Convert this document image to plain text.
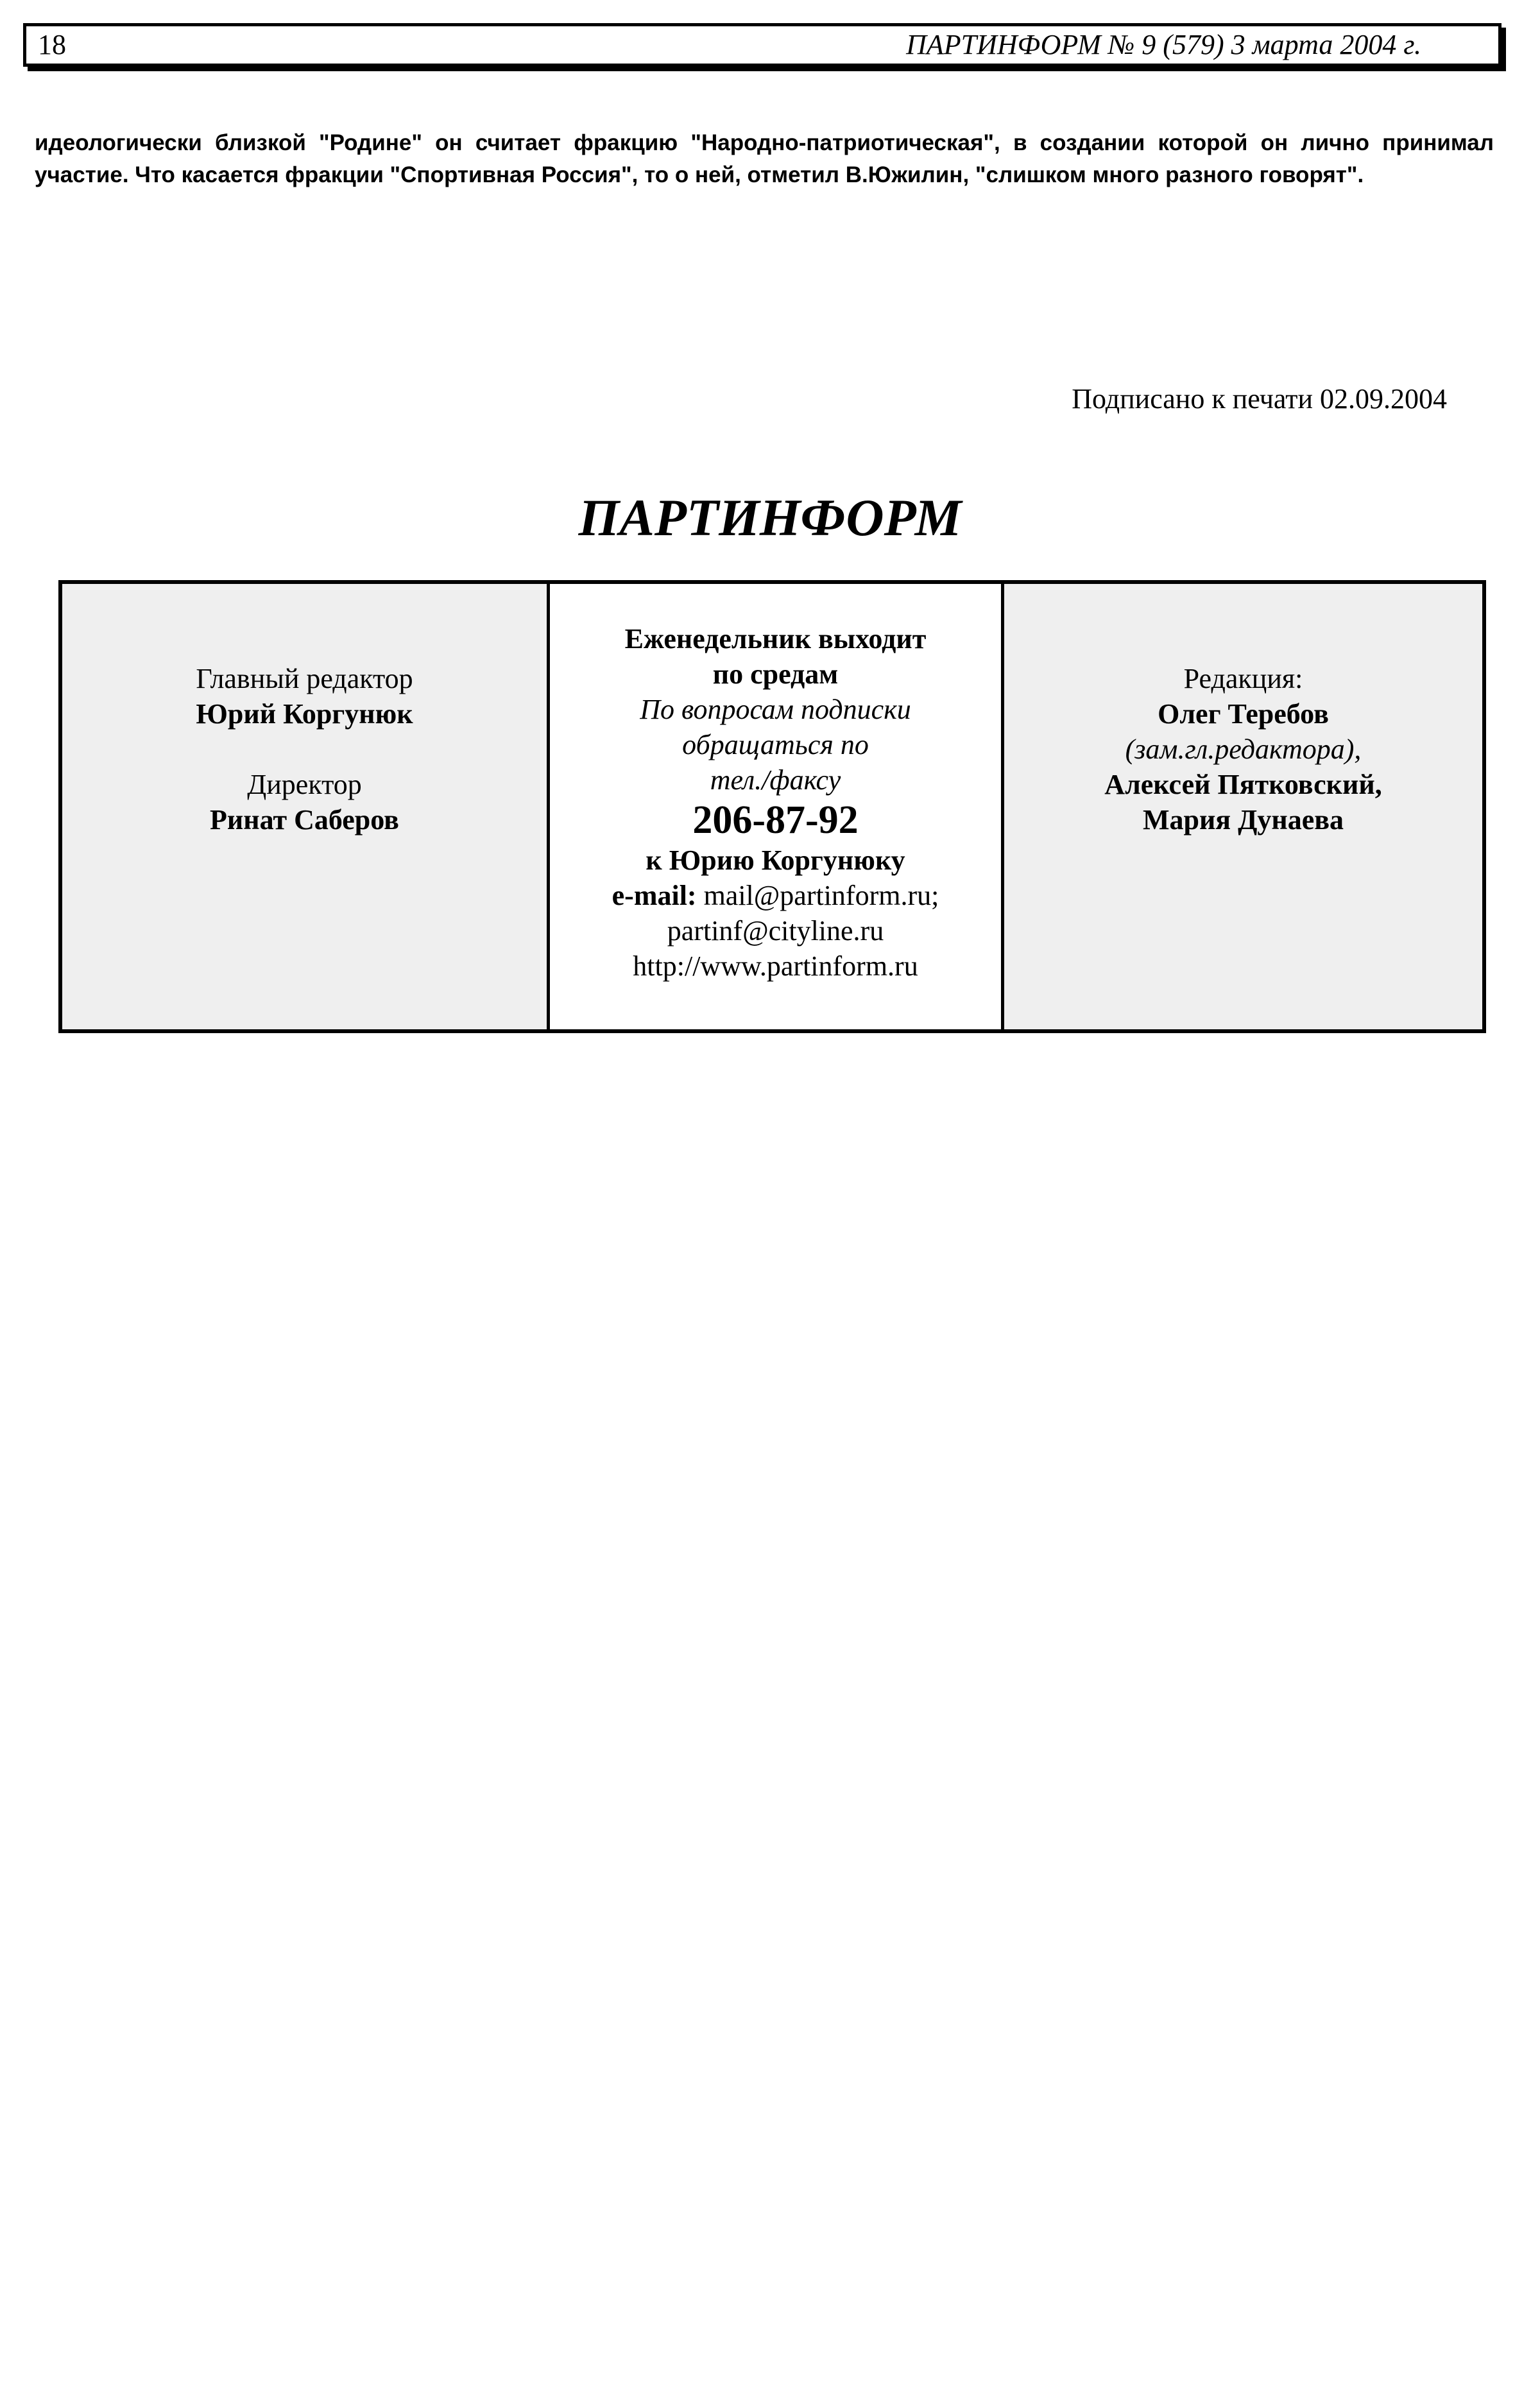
18	ПАРТИНФОРМ № 9 (579) 3 марта 2004 г.

идеологически близкой "Родине" он считает фракцию "Народно-патриотическая", в создании которой он лично принимал участие. Что касается фракции "Спортивная Россия", то о ней, отметил В.Южилин, "слишком много разного говорят".

Подписано к печати 02.09.2004
ПАРТИНФОРМ
Главный редактор
Юрий Коргунюк
Директор
Ринат Саберов
Еженедельник выходит
по средам
По вопросам подписки
обращаться по
тел./факсу
206-87-92
к Юрию Коргунюку
e-mail: mail@partinform.ru;
partinf@cityline.ru
http://www.partinform.ru
Редакция:
Олег Теребов
(зам.гл.редактора),
Алексей Пятковский,
Мария Дунаева
